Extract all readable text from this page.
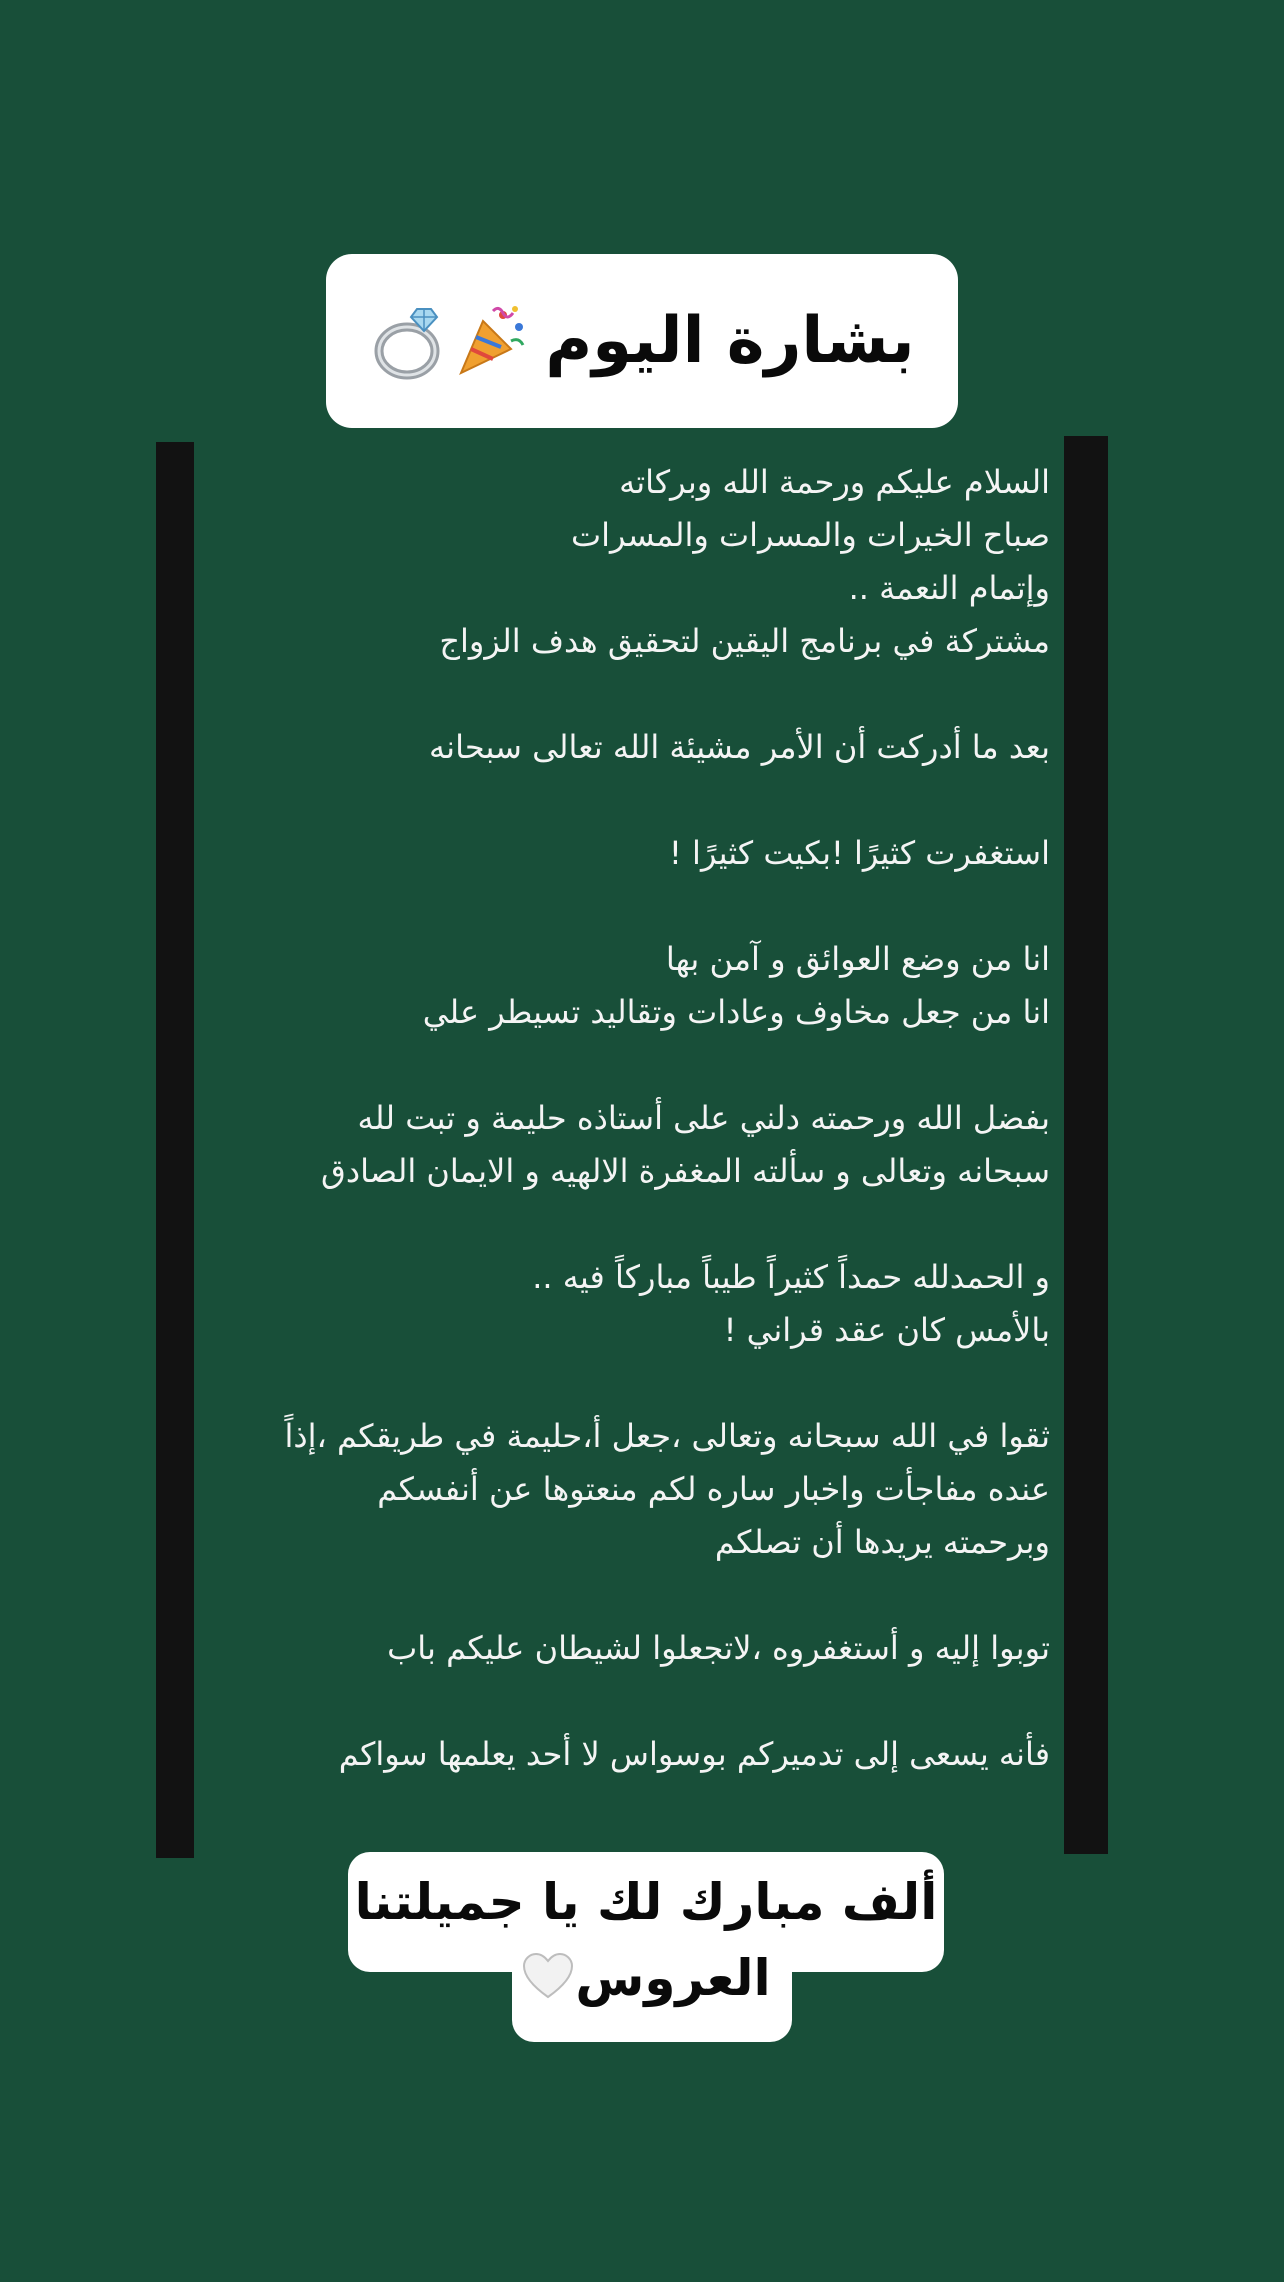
بشارة اليوم
السلام عليكم ورحمة الله وبركاته
صباح الخيرات والمسرات والمسرات
وإتمام النعمة ..
مشتركة في برنامج اليقين لتحقيق هدف الزواج
بعد ما أدركت أن الأمر مشيئة الله تعالى سبحانه
استغفرت كثيرًا !بكيت كثيرًا !
انا من وضع العوائق و آمن بها
انا من جعل مخاوف وعادات وتقاليد تسيطر علي
بفضل الله ورحمته دلني على أستاذه حليمة و تبت لله
سبحانه وتعالى و سألته المغفرة الالهيه و الايمان الصادق
و الحمدلله حمداً كثيراً طيباً مباركاً فيه ..
بالأمس كان عقد قراني !
ثقوا في الله سبحانه وتعالى ،جعل أ،حليمة في طريقكم ،إذاً
عنده مفاجأت واخبار ساره لكم منعتوها عن أنفسكم
وبرحمته يريدها أن تصلكم
توبوا إليه و أستغفروه ،لاتجعلوا لشيطان عليكم باب
فأنه يسعى إلى تدميركم بوسواس لا أحد يعلمها سواكم
ألف مبارك لك يا جميلتنا
العروس
